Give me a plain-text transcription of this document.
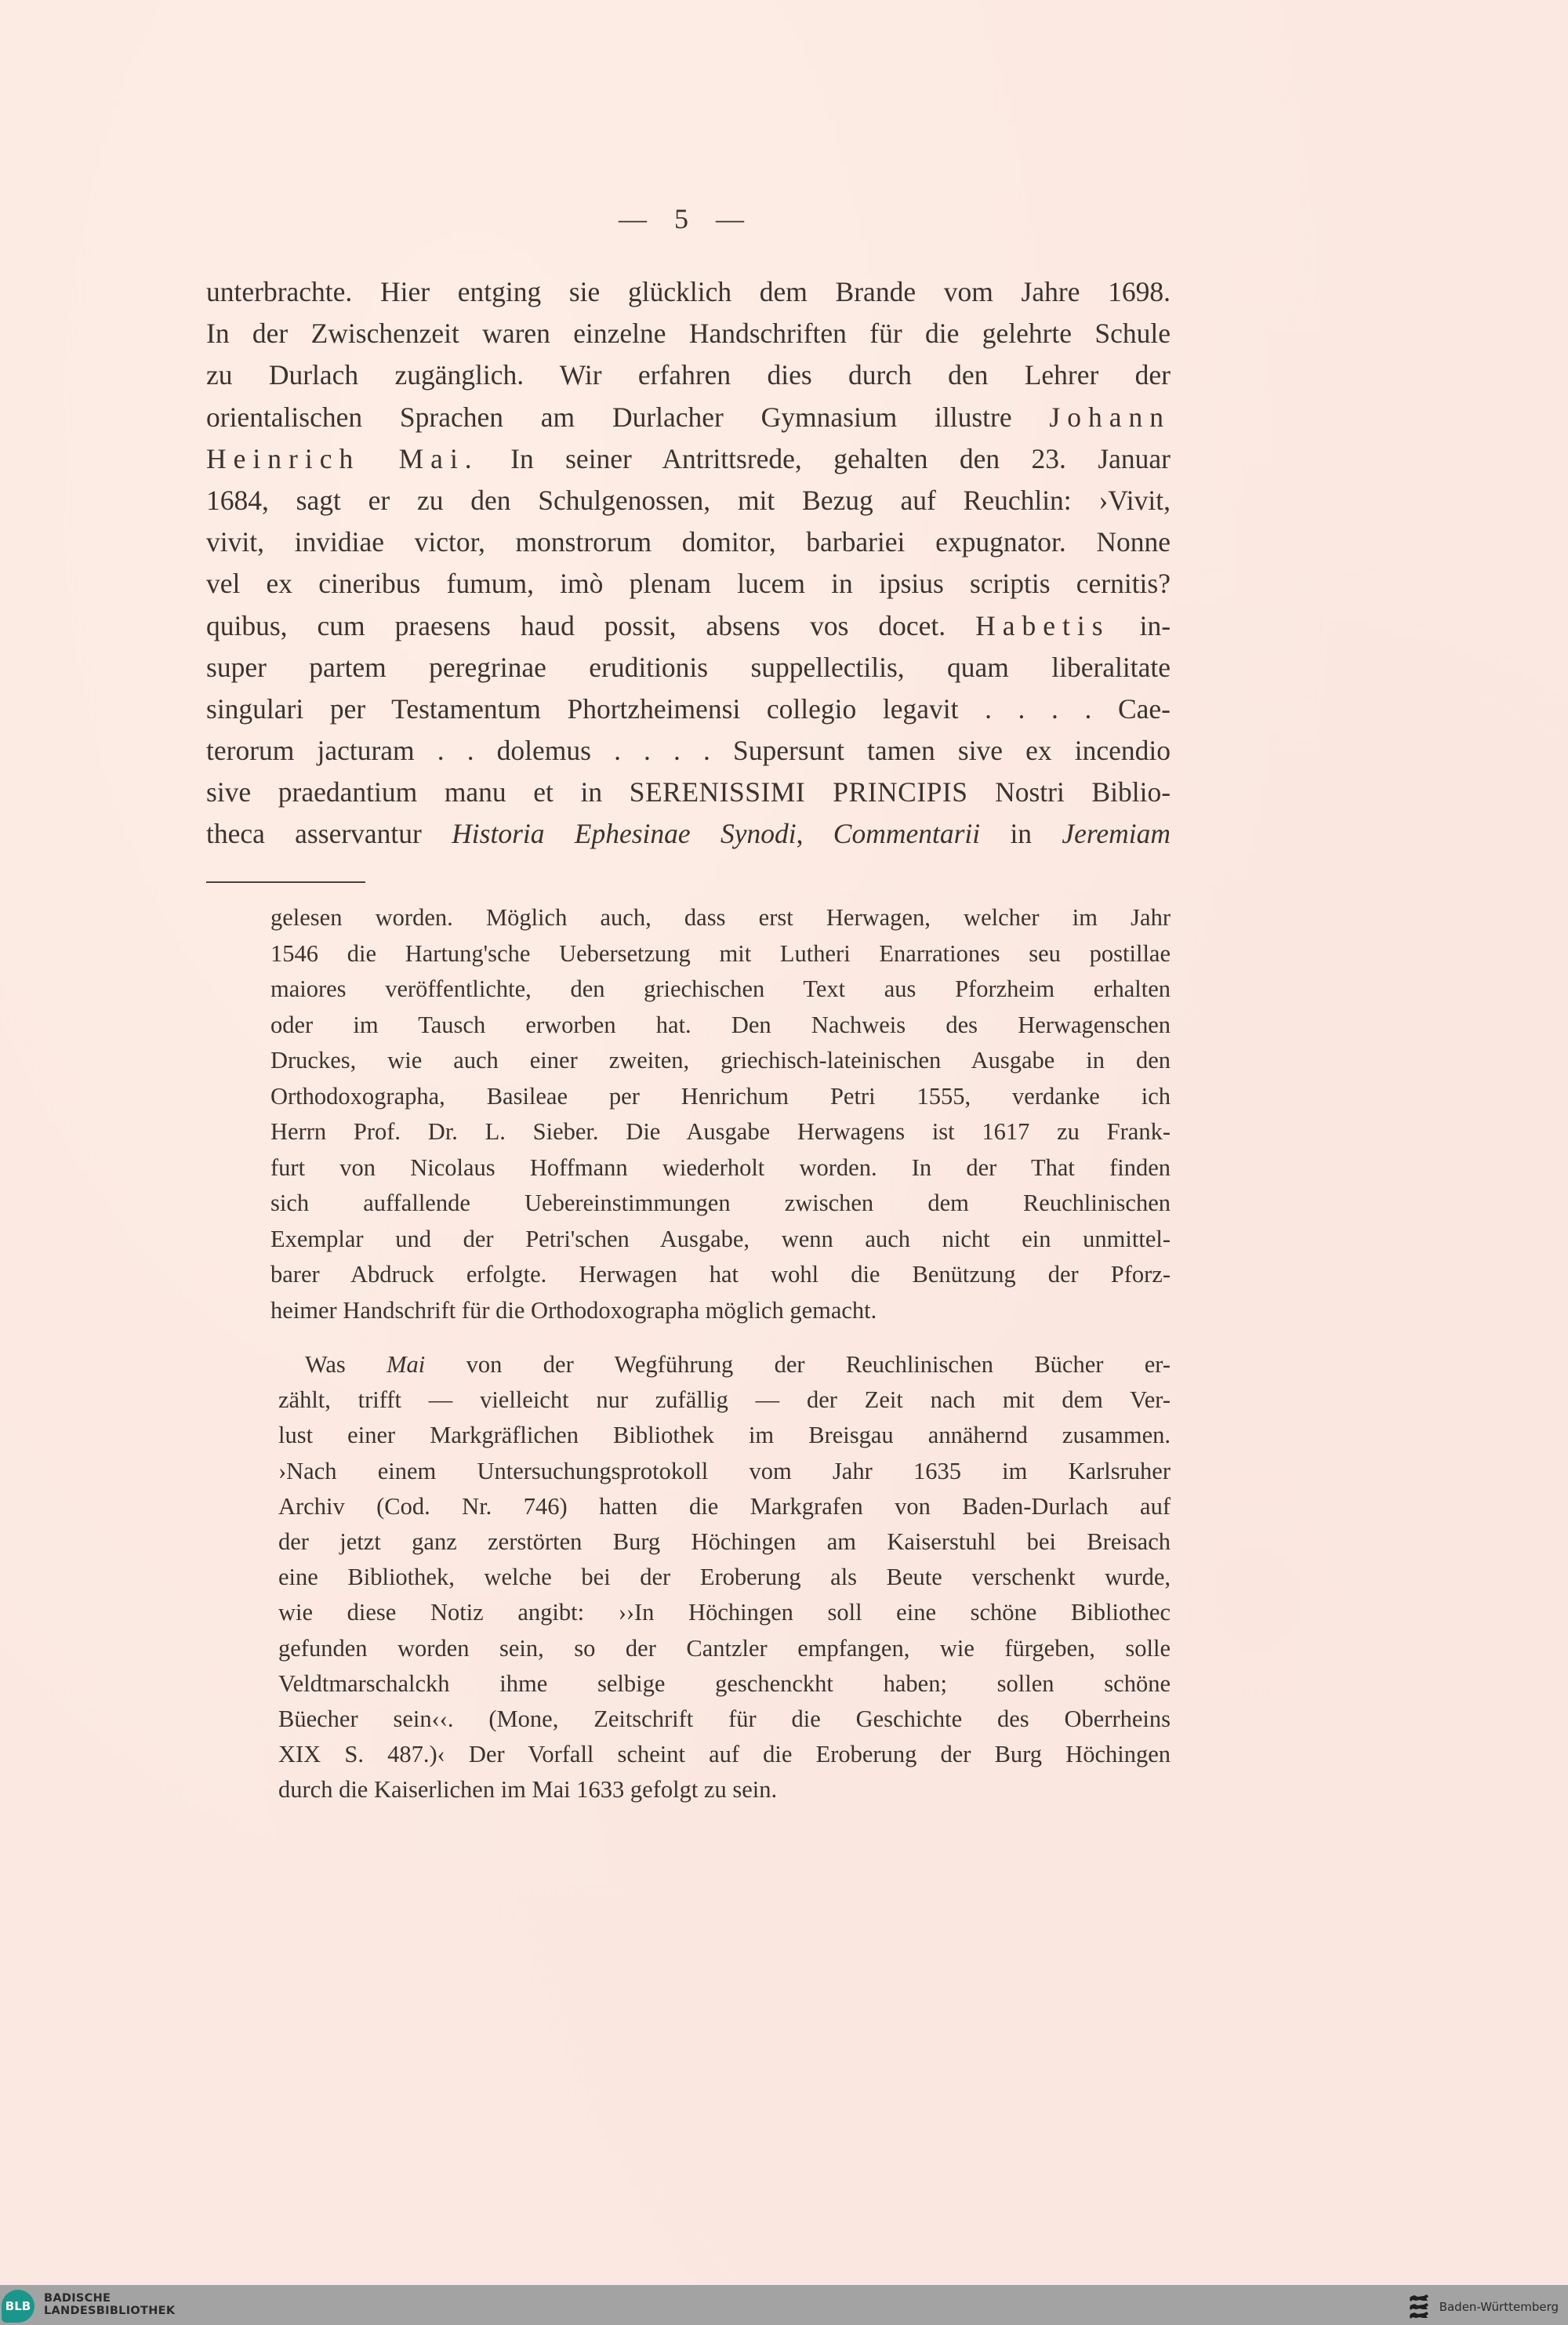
— 5 —
unterbrachte. Hier entging sie glücklich dem Brande vom Jahre 1698.
In der Zwischenzeit waren einzelne Handschriften für die gelehrte Schule
zu Durlach zugänglich. Wir erfahren dies durch den Lehrer der
orientalischen Sprachen am Durlacher Gymnasium illustre Johann
Heinrich Mai. In seiner Antrittsrede, gehalten den 23. Januar
1684, sagt er zu den Schulgenossen, mit Bezug auf Reuchlin: ›Vivit,
vivit, invidiae victor, monstrorum domitor, barbariei expugnator. Nonne
vel ex cineribus fumum, imò plenam lucem in ipsius scriptis cernitis?
quibus, cum praesens haud possit, absens vos docet. Habetis in-
super partem peregrinae eruditionis suppellectilis, quam liberalitate
singulari per Testamentum Phortzheimensi collegio legavit . . . . Cae-
terorum jacturam . . dolemus . . . . Supersunt tamen sive ex incendio
sive praedantium manu et in SERENISSIMI PRINCIPIS Nostri Biblio-
theca asservantur Historia Ephesinae Synodi, Commentarii in Jeremiam
gelesen worden. Möglich auch, dass erst Herwagen, welcher im Jahr
1546 die Hartung'sche Uebersetzung mit Lutheri Enarrationes seu postillae
maiores veröffentlichte, den griechischen Text aus Pforzheim erhalten
oder im Tausch erworben hat. Den Nachweis des Herwagenschen
Druckes, wie auch einer zweiten, griechisch-lateinischen Ausgabe in den
Orthodoxographa, Basileae per Henrichum Petri 1555, verdanke ich
Herrn Prof. Dr. L. Sieber. Die Ausgabe Herwagens ist 1617 zu Frank-
furt von Nicolaus Hoffmann wiederholt worden. In der That finden
sich auffallende Uebereinstimmungen zwischen dem Reuchlinischen
Exemplar und der Petri'schen Ausgabe, wenn auch nicht ein unmittel-
barer Abdruck erfolgte. Herwagen hat wohl die Benützung der Pforz-
heimer Handschrift für die Orthodoxographa möglich gemacht.
Was Mai von der Wegführung der Reuchlinischen Bücher er-
zählt, trifft — vielleicht nur zufällig — der Zeit nach mit dem Ver-
lust einer Markgräflichen Bibliothek im Breisgau annähernd zusammen.
›Nach einem Untersuchungsprotokoll vom Jahr 1635 im Karlsruher
Archiv (Cod. Nr. 746) hatten die Markgrafen von Baden-Durlach auf
der jetzt ganz zerstörten Burg Höchingen am Kaiserstuhl bei Breisach
eine Bibliothek, welche bei der Eroberung als Beute verschenkt wurde,
wie diese Notiz angibt: ››In Höchingen soll eine schöne Bibliothec
gefunden worden sein, so der Cantzler empfangen, wie fürgeben, solle
Veldtmarschalckh ihme selbige geschenckht haben; sollen schöne
Büecher sein‹‹. (Mone, Zeitschrift für die Geschichte des Oberrheins
XIX S. 487.)‹ Der Vorfall scheint auf die Eroberung der Burg Höchingen
durch die Kaiserlichen im Mai 1633 gefolgt zu sein.
BLB
BADISCHE
LANDESBIBLIOTHEK	Baden-Württemberg
